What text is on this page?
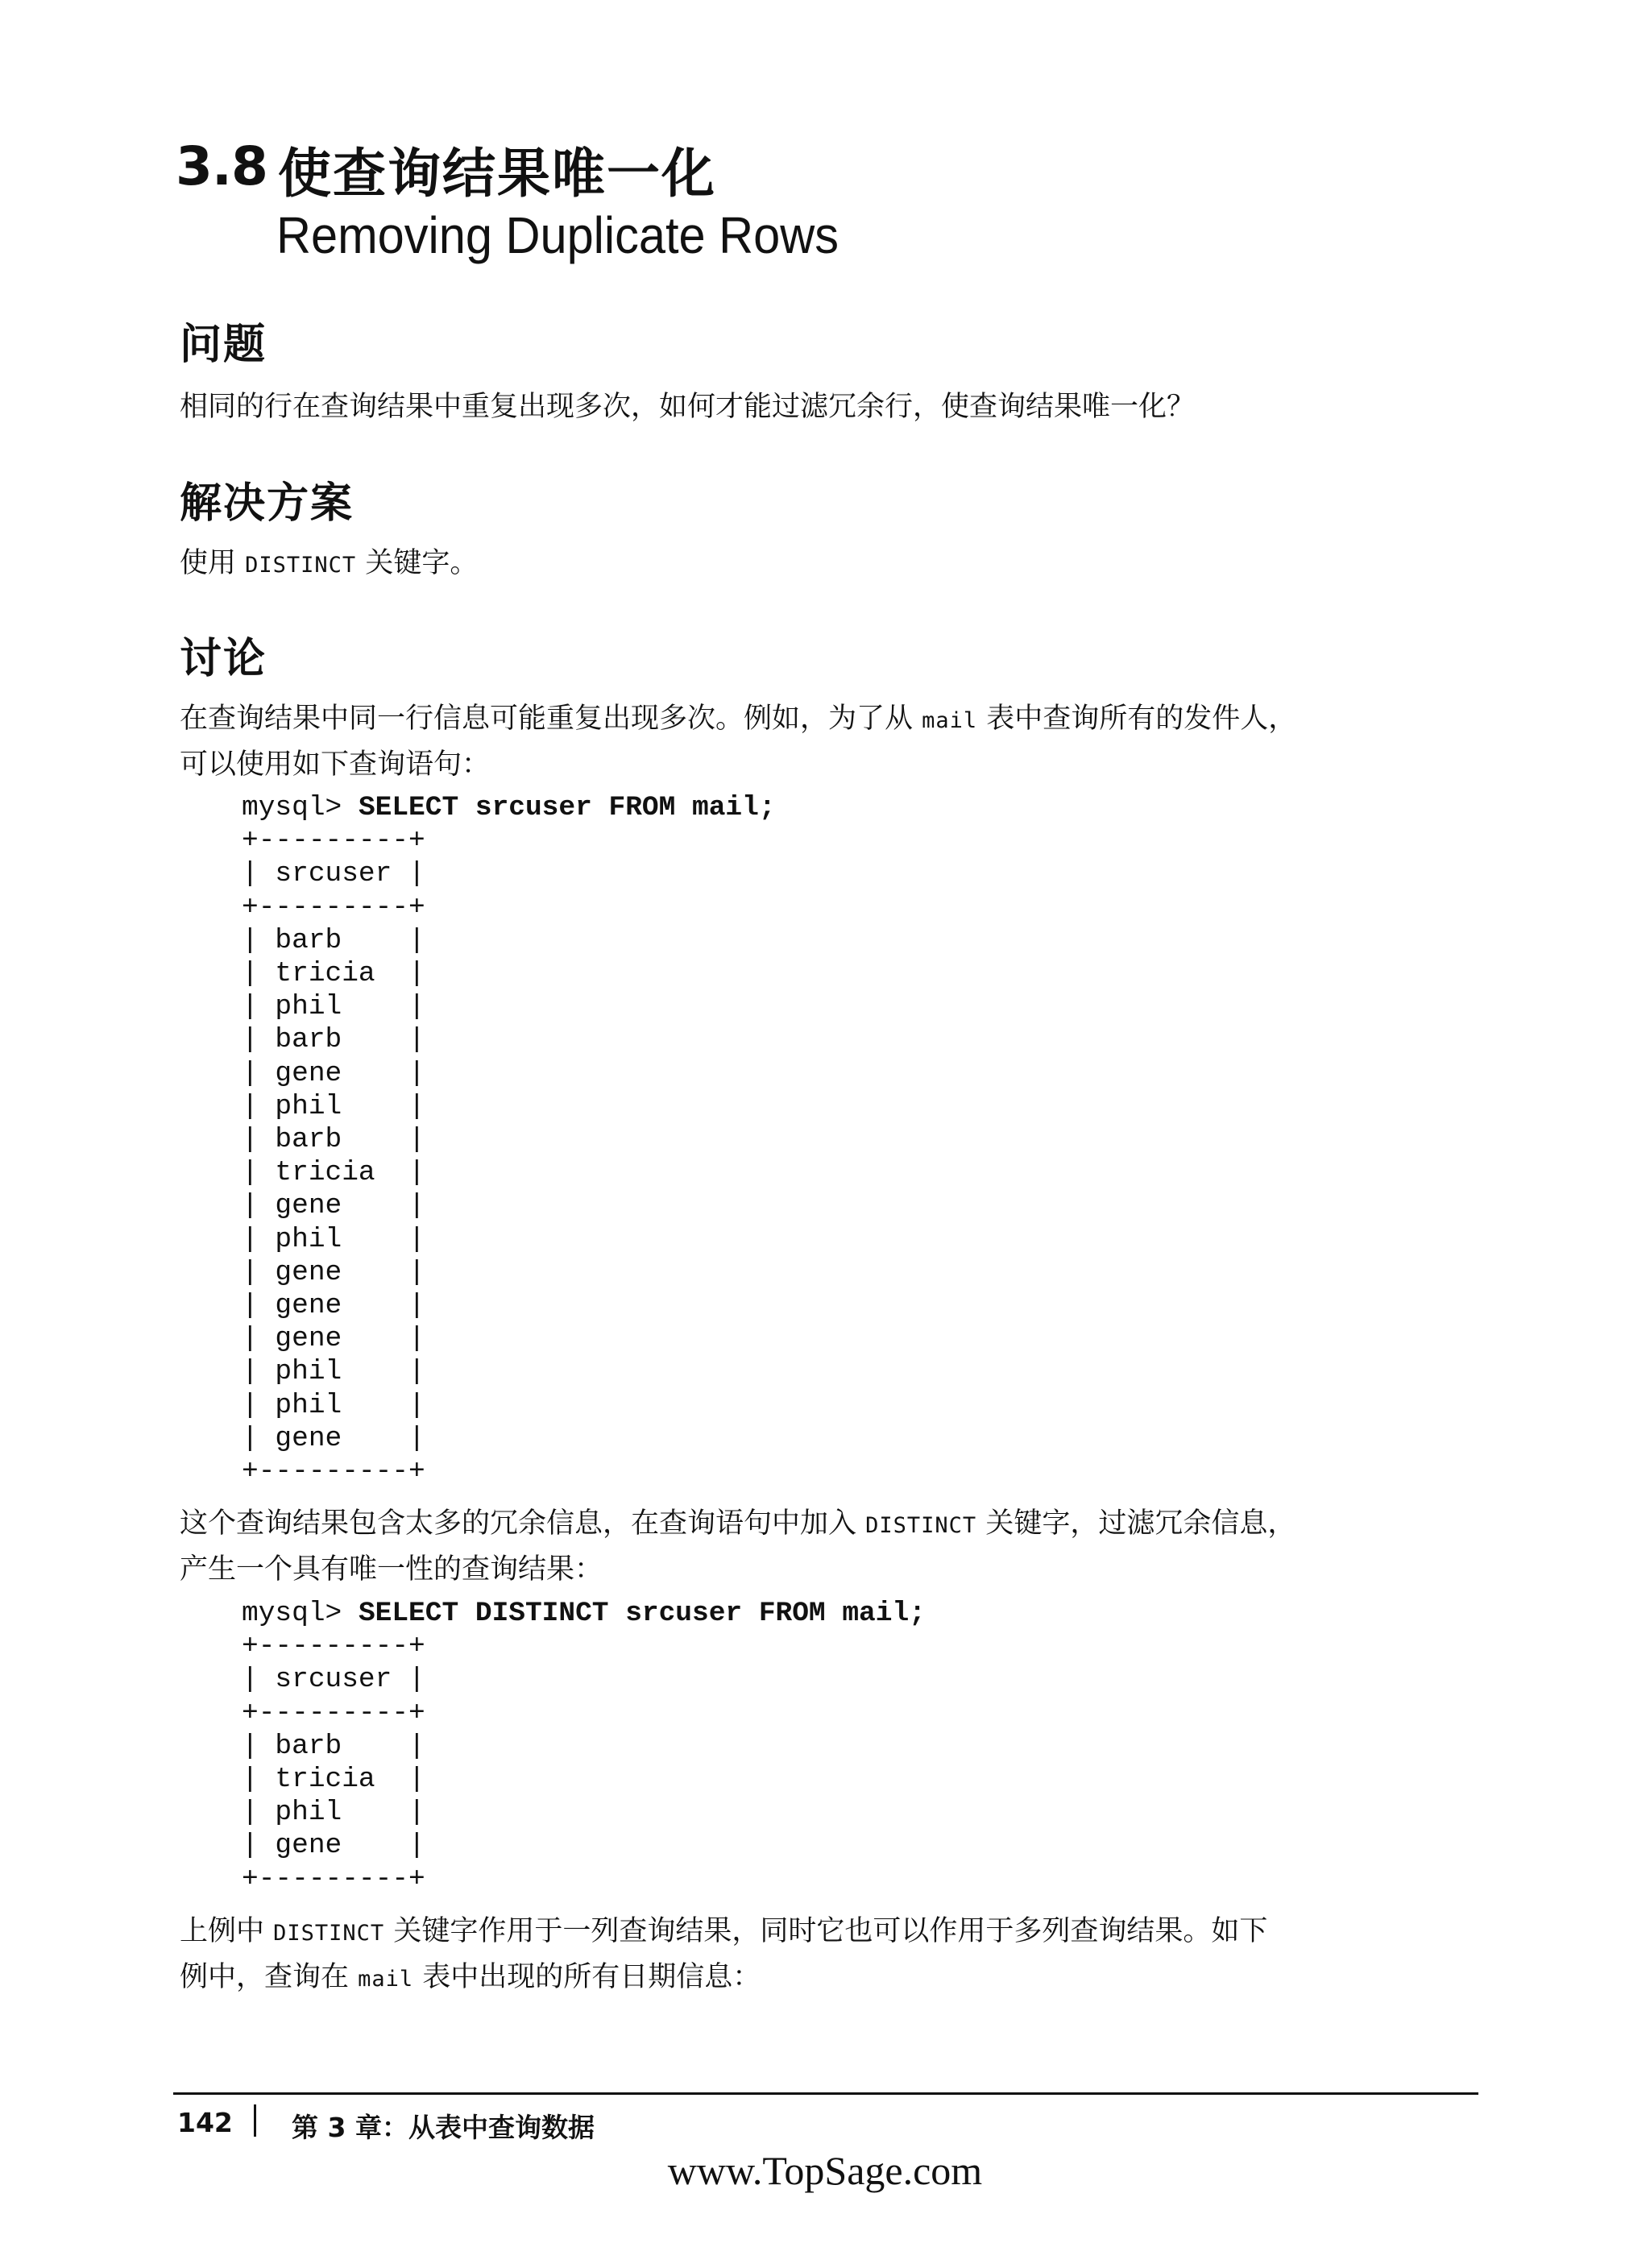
3.8 使查询结果唯一化
Removing Duplicate Rows
问题
相同的行在查询结果中重复出现多次，如何才能过滤冗余行，使查询结果唯一化？
解决方案
使用 DISTINCT 关键字。
讨论
在查询结果中同一行信息可能重复出现多次。例如，为了从 mail 表中查询所有的发件人，
可以使用如下查询语句：
mysql> SELECT srcuser FROM mail;
+---------+
| srcuser |
+---------+
| barb    |
| tricia  |
| phil    |
| barb    |
| gene    |
| phil    |
| barb    |
| tricia  |
| gene    |
| phil    |
| gene    |
| gene    |
| gene    |
| phil    |
| phil    |
| gene    |
+---------+
这个查询结果包含太多的冗余信息，在查询语句中加入 DISTINCT 关键字，过滤冗余信息，
产生一个具有唯一性的查询结果：
mysql> SELECT DISTINCT srcuser FROM mail;
+---------+
| srcuser |
+---------+
| barb    |
| tricia  |
| phil    |
| gene    |
+---------+
上例中 DISTINCT 关键字作用于一列查询结果，同时它也可以作用于多列查询结果。如下
例中，查询在 mail 表中出现的所有日期信息：
142 第 3 章：从表中查询数据
www.TopSage.com
